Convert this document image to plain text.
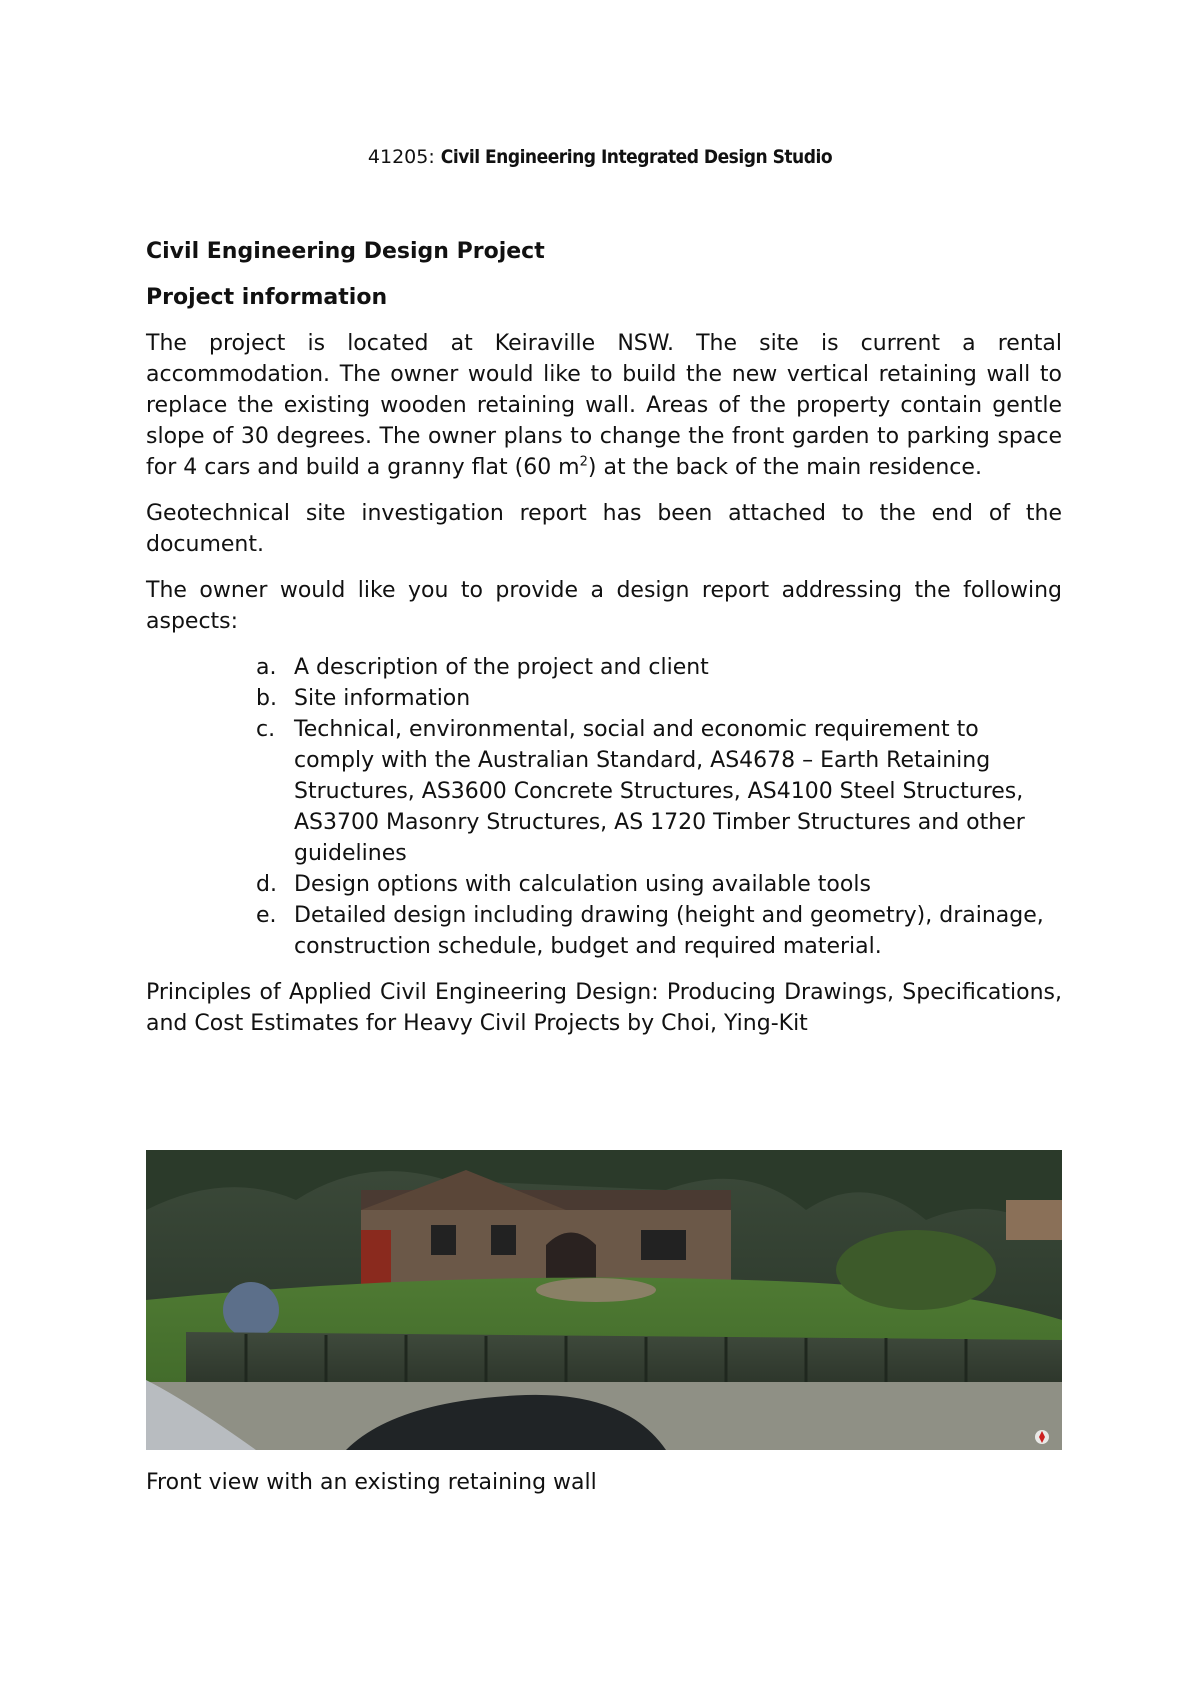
41205: Civil Engineering Integrated Design Studio
Civil Engineering Design Project
Project information

The project is located at Keiraville NSW. The site is current a rental accommodation. The owner would like to build the new vertical retaining wall to replace the existing wooden retaining wall. Areas of the property contain gentle slope of 30 degrees. The owner plans to change the front garden to parking space for 4 cars and build a granny flat (60 $m^2$) at the back of the main residence.

Geotechnical site investigation report has been attached to the end of the document.

The owner would like you to provide a design report addressing the following aspects:

a. A description of the project and client
b. Site information
c. Technical, environmental, social and economic requirement to comply with the Australian Standard, AS4678 – Earth Retaining Structures, AS3600 Concrete Structures, AS4100 Steel Structures, AS3700 Masonry Structures, AS 1720 Timber Structures and other guidelines
d. Design options with calculation using available tools
e. Detailed design including drawing (height and geometry), drainage, construction schedule, budget and required material.

Principles of Applied Civil Engineering Design: Producing Drawings, Specifications, and Cost Estimates for Heavy Civil Projects by Choi, Ying-Kit

Front view with an existing retaining wall
